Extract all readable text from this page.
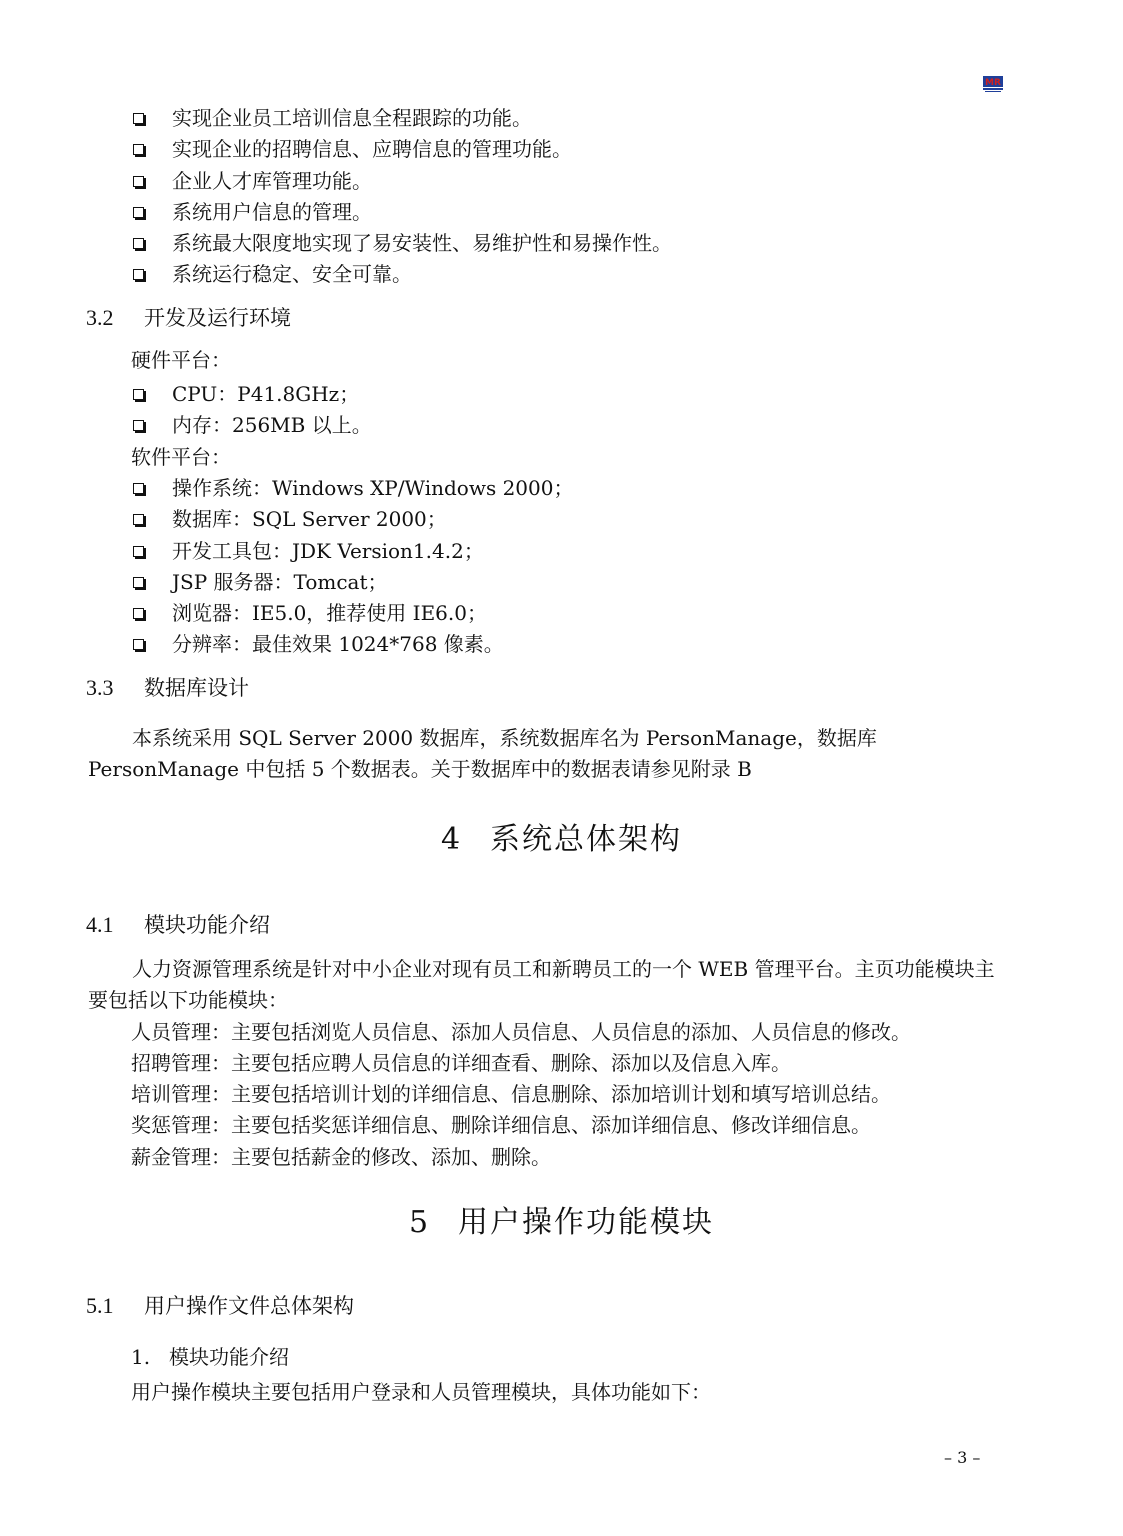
MR
实现企业员工培训信息全程跟踪的功能。
实现企业的招聘信息、应聘信息的管理功能。
企业人才库管理功能。
系统用户信息的管理。
系统最大限度地实现了易安装性、易维护性和易操作性。
系统运行稳定、安全可靠。
3.2 开发及运行环境
硬件平台：
CPU：P41.8GHz；
内存：256MB 以上。
软件平台：
操作系统：Windows XP/Windows 2000；
数据库：SQL Server 2000；
开发工具包：JDK Version1.4.2；
JSP 服务器：Tomcat；
浏览器：IE5.0，推荐使用 IE6.0；
分辨率：最佳效果 1024*768 像素。
3.3 数据库设计

本系统采用 SQL Server 2000 数据库，系统数据库名为 PersonManage，数据库 PersonManage 中包括 5 个数据表。关于数据库中的数据表请参见附录 B

4 系统总体架构
4.1 模块功能介绍

人力资源管理系统是针对中小企业对现有员工和新聘员工的一个 WEB 管理平台。主页功能模块主要包括以下功能模块：

人员管理：主要包括浏览人员信息、添加人员信息、人员信息的添加、人员信息的修改。
招聘管理：主要包括应聘人员信息的详细查看、删除、添加以及信息入库。
培训管理：主要包括培训计划的详细信息、信息删除、添加培训计划和填写培训总结。
奖惩管理：主要包括奖惩详细信息、删除详细信息、添加详细信息、修改详细信息。
薪金管理：主要包括薪金的修改、添加、删除。
5 用户操作功能模块
5.1 用户操作文件总体架构
1. 模块功能介绍
用户操作模块主要包括用户登录和人员管理模块，具体功能如下：
– 3 –
